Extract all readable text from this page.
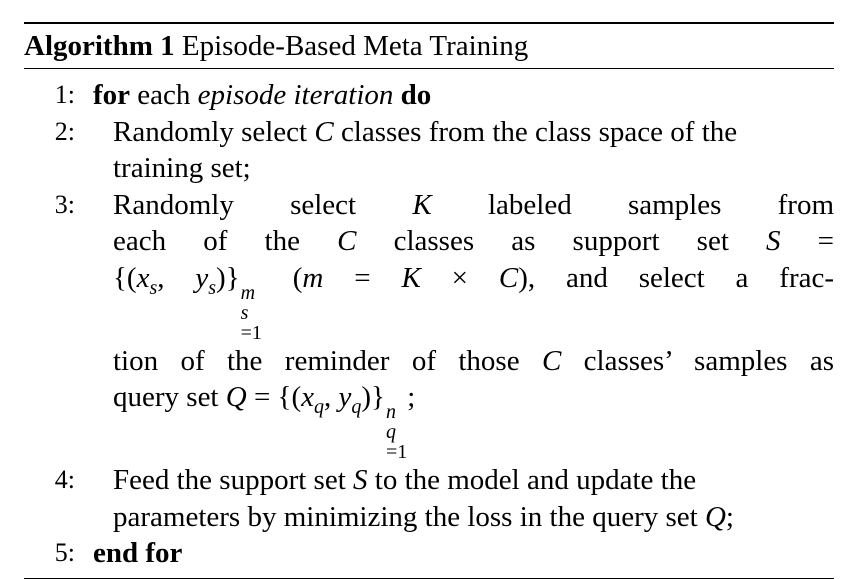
Algorithm 1 Episode-Based Meta Training
1: for each episode iteration do
2: Randomly select C classes from the class space of the
training set;
3: Randomly select K labeled samples from
each of the C classes as support set S =
{($x_s$, $y_s$)} m
s
=1
(m = K × C), and select a frac-
tion of the reminder of those C classes’ samples as
query set $Q = \{(x_q$, $y_q$)} n
q
=1
;
4: Feed the support set S to the model and update the
parameters by minimizing the loss in the query set Q;
5: end for
